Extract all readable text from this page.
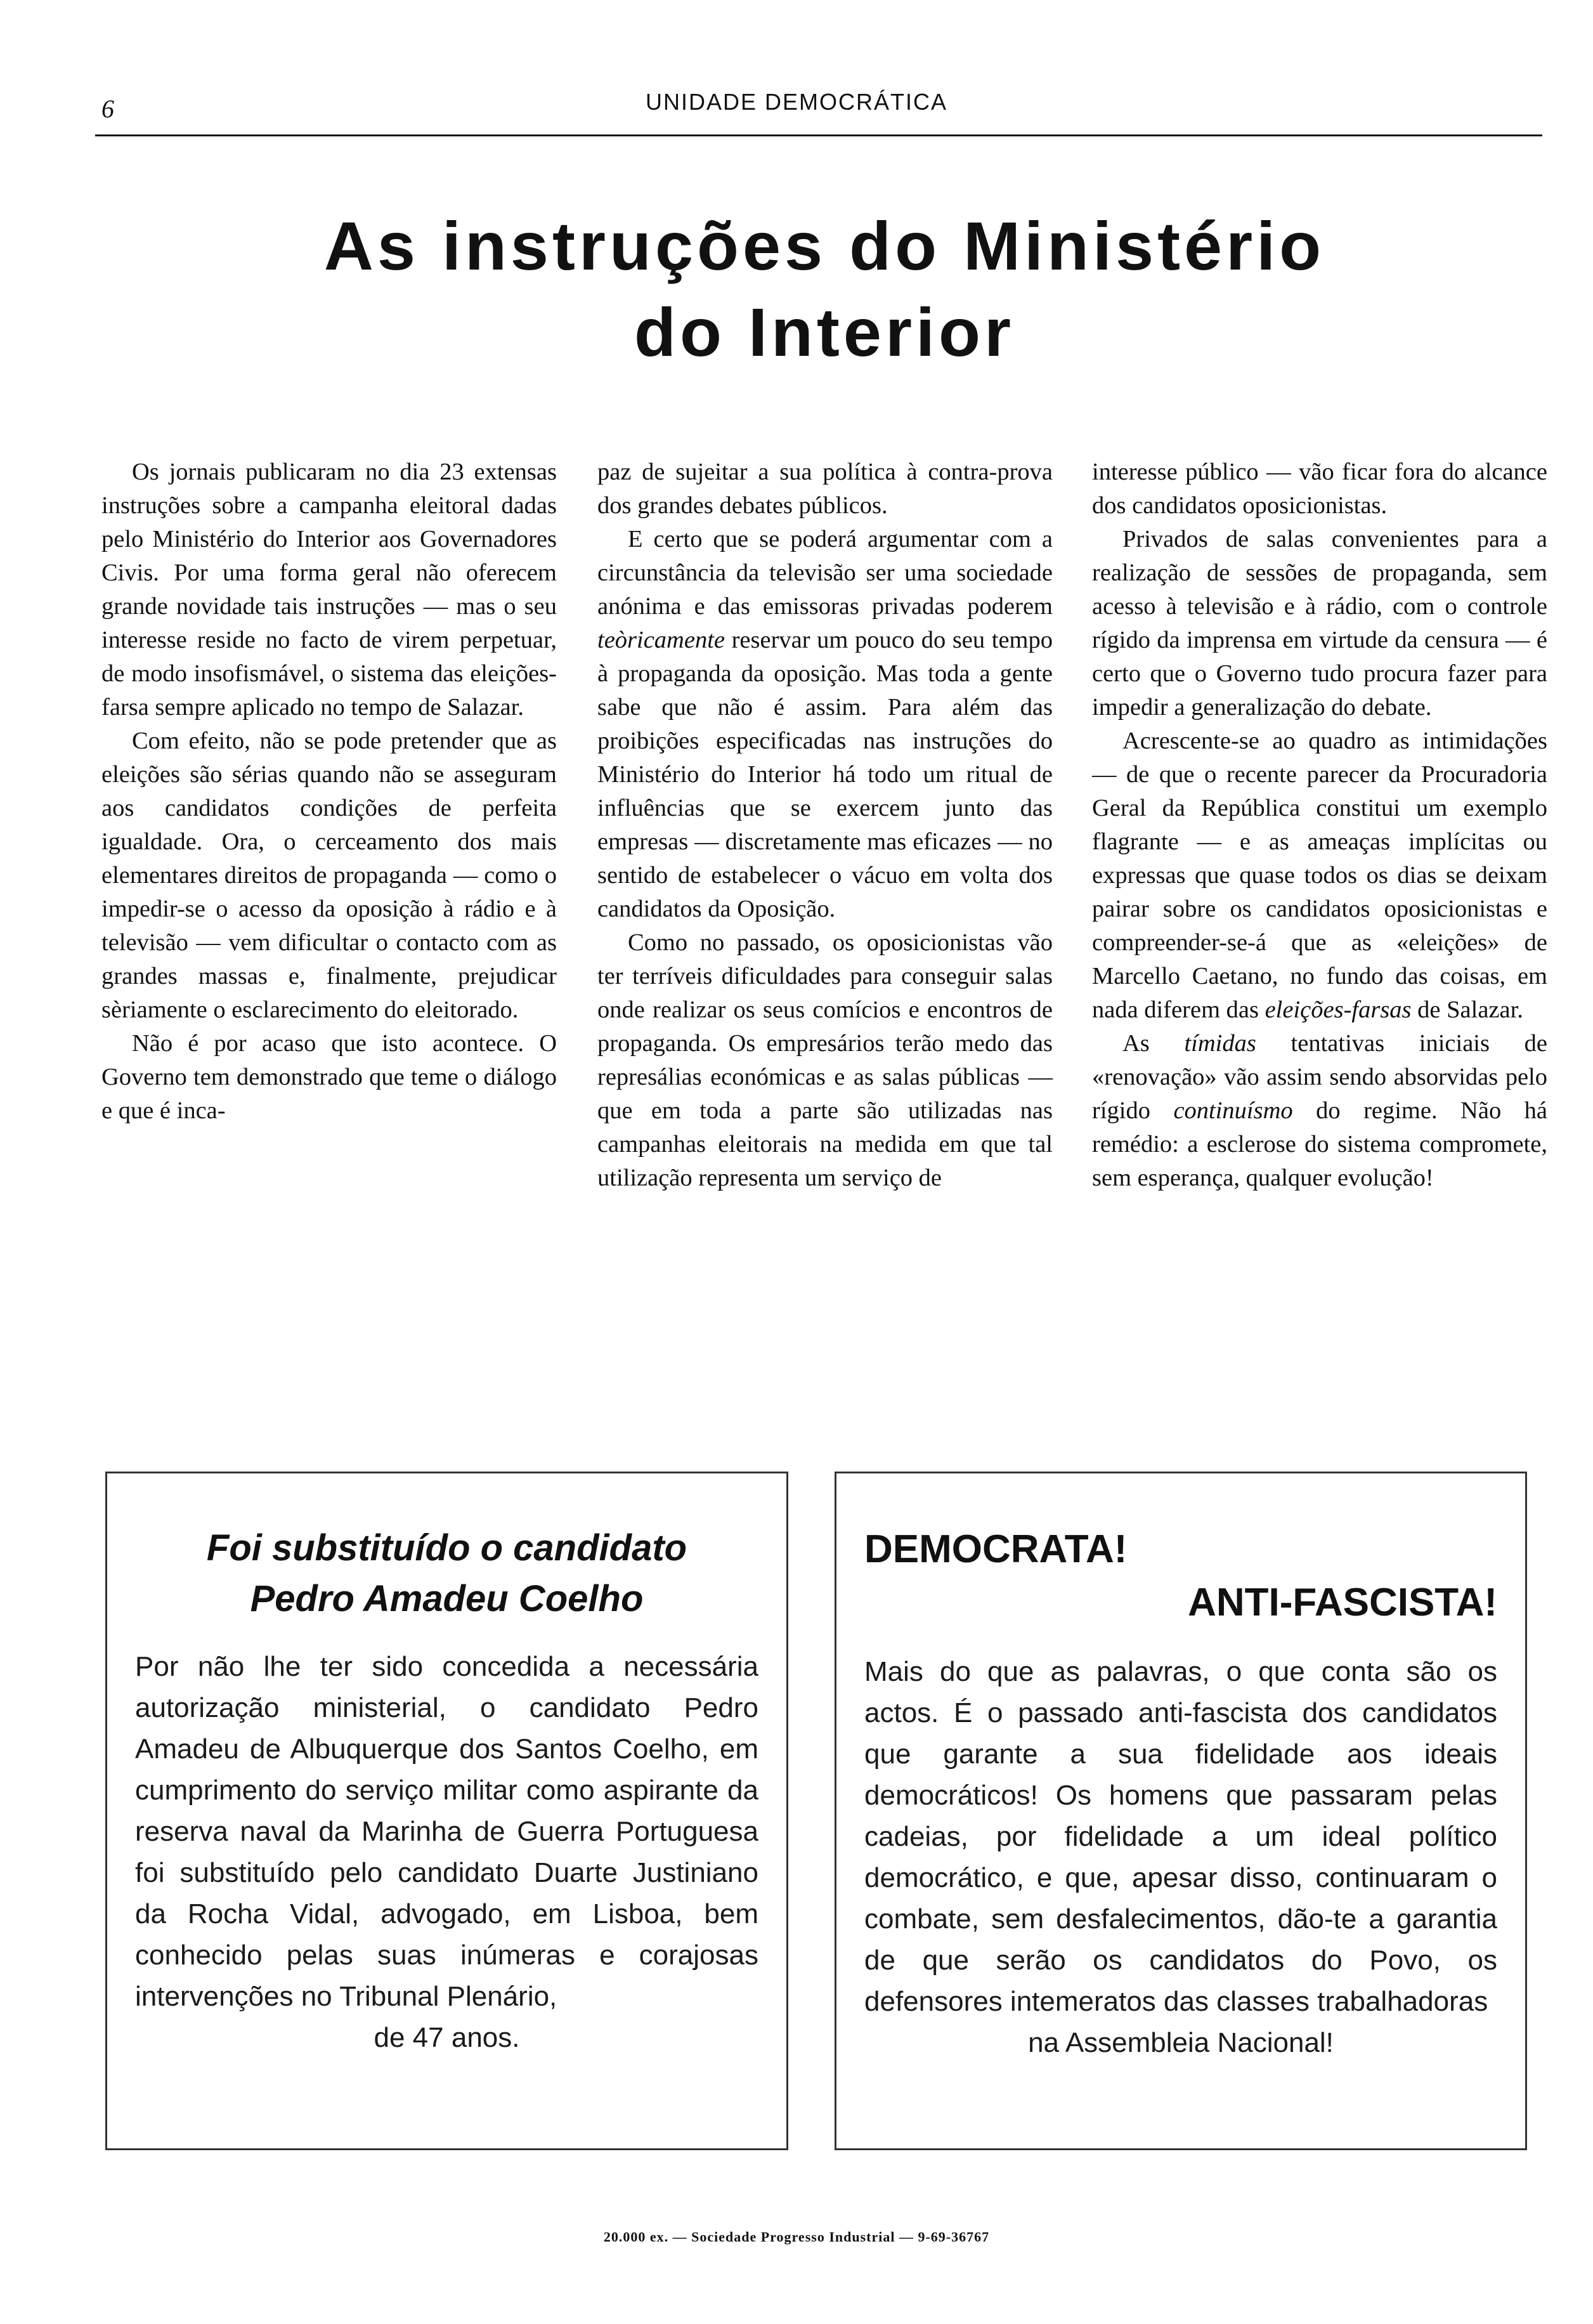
6	UNIDADE DEMOCRÁTICA
As instruções do Ministério
do Interior

Os jornais publicaram no dia 23 extensas instruções sobre a campanha eleitoral dadas pelo Ministério do Interior aos Governadores Civis. Por uma forma geral não oferecem grande novidade tais instruções — mas o seu interesse reside no facto de virem perpetuar, de modo insofismável, o sistema das eleições-farsa sempre aplicado no tempo de Salazar.

Com efeito, não se pode pretender que as eleições são sérias quando não se asseguram aos candidatos condições de perfeita igualdade. Ora, o cerceamento dos mais elementares direitos de propaganda — como o impedir-se o acesso da oposição à rádio e à televisão — vem dificultar o contacto com as grandes massas e, finalmente, prejudicar sèriamente o esclarecimento do eleitorado.

Não é por acaso que isto acontece. O Governo tem demonstrado que teme o diálogo e que é inca-

paz de sujeitar a sua política à contra-prova dos grandes debates públicos.

E certo que se poderá argumentar com a circunstância da televisão ser uma sociedade anónima e das emissoras privadas poderem teòricamente reservar um pouco do seu tempo à propaganda da oposição. Mas toda a gente sabe que não é assim. Para além das proibições especificadas nas instruções do Ministério do Interior há todo um ritual de influências que se exercem junto das empresas — discretamente mas eficazes — no sentido de estabelecer o vácuo em volta dos candidatos da Oposição.

Como no passado, os oposicionistas vão ter terríveis dificuldades para conseguir salas onde realizar os seus comícios e encontros de propaganda. Os empresários terão medo das represálias económicas e as salas públicas — que em toda a parte são utilizadas nas campanhas eleitorais na medida em que tal utilização representa um serviço de

interesse público — vão ficar fora do alcance dos candidatos oposicionistas.

Privados de salas convenientes para a realização de sessões de propaganda, sem acesso à televisão e à rádio, com o controle rígido da imprensa em virtude da censura — é certo que o Governo tudo procura fazer para impedir a generalização do debate.

Acrescente-se ao quadro as intimidações — de que o recente parecer da Procuradoria Geral da República constitui um exemplo flagrante — e as ameaças implícitas ou expressas que quase todos os dias se deixam pairar sobre os candidatos oposicionistas e compreender-se-á que as «eleições» de Marcello Caetano, no fundo das coisas, em nada diferem das eleições-farsas de Salazar.

As tímidas tentativas iniciais de «renovação» vão assim sendo absorvidas pelo rígido continuísmo do regime. Não há remédio: a esclerose do sistema compromete, sem esperança, qualquer evolução!

Foi substituído o candidato
Pedro Amadeu Coelho
Por não lhe ter sido concedida a necessária autorização ministerial, o candidato Pedro Amadeu de Albuquerque dos Santos Coelho, em cumprimento do serviço militar como aspirante da reserva naval da Marinha de Guerra Portuguesa foi substituído pelo candidato Duarte Justiniano da Rocha Vidal, advogado, em Lisboa, bem conhecido pelas suas inúmeras e corajosas intervenções no Tribunal Plenário,
de 47 anos.
DEMOCRATA!
ANTI-FASCISTA!
Mais do que as palavras, o que conta são os actos. É o passado anti-fascista dos candidatos que garante a sua fidelidade aos ideais democráticos! Os homens que passaram pelas cadeias, por fidelidade a um ideal político democrático, e que, apesar disso, continuaram o combate, sem desfalecimentos, dão-te a garantia de que serão os candidatos do Povo, os defensores intemeratos das classes trabalhadoras
na Assembleia Nacional!
20.000 ex. — Sociedade Progresso Industrial — 9-69-36767
